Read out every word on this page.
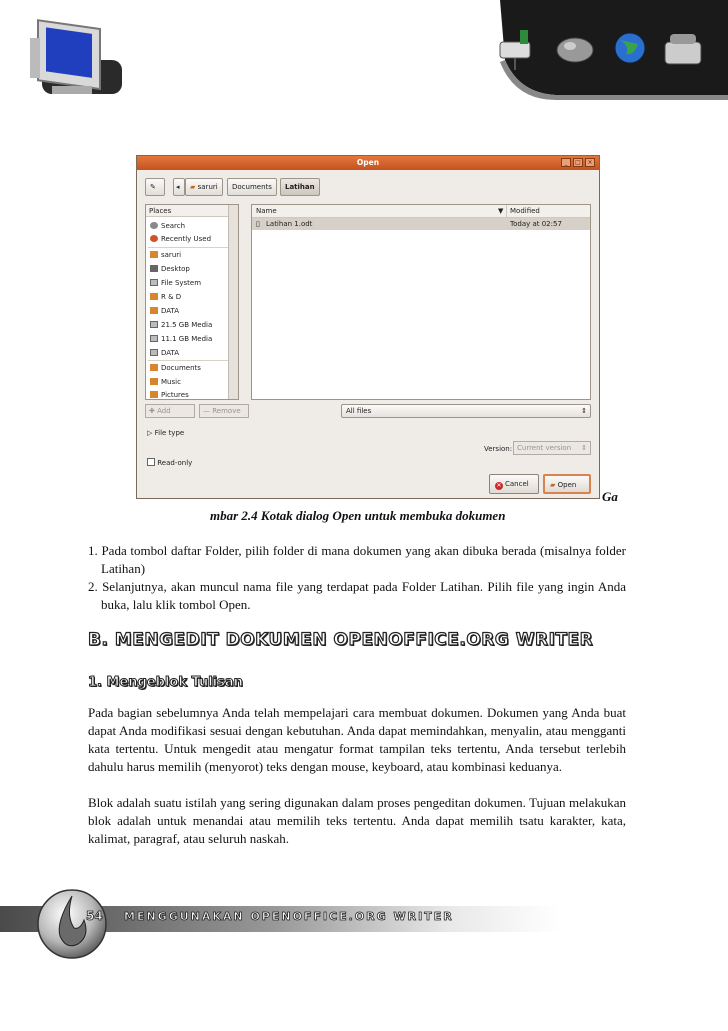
Open	_	□	×
✎	◂	▰ saruri	Documents	Latihan
Places
Search
Recently Used
saruri
Desktop
File System
R & D
DATA
21.5 GB Media
11.1 GB Media
DATA
Documents
Music
Pictures
Name	▼ Modified
▯ Latihan 1.odt	Today at 02:57
✚ Add	— Remove	All files	⇕
▷ File type
Version: Current version ⇕
Read-only
✕ Cancel	▰ Open
Ga
mbar 2.4 Kotak dialog Open untuk membuka dokumen
1. Pada tombol daftar Folder, pilih folder di mana dokumen yang akan dibuka berada (misalnya folder Latihan)
2. Selanjutnya, akan muncul nama file yang terdapat pada Folder Latihan. Pilih file yang ingin Anda buka, lalu klik tombol Open.
B. MENGEDIT DOKUMEN OPENOFFICE.ORG WRITER
1. Mengeblok Tulisan
Pada bagian sebelumnya Anda telah mempelajari cara membuat dokumen. Dokumen yang Anda buat dapat Anda modifikasi sesuai dengan kebutuhan. Anda dapat memindahkan, menyalin, atau mengganti kata tertentu. Untuk mengedit atau mengatur format tampilan teks tertentu, Anda tersebut terlebih dahulu harus memilih (menyorot) teks dengan mouse, keyboard, atau kombinasi keduanya.
Blok adalah suatu istilah yang sering digunakan dalam proses pengeditan dokumen. Tujuan melakukan blok adalah untuk menandai atau memilih teks tertentu. Anda dapat memilih tsatu karakter, kata, kalimat, paragraf, atau seluruh naskah.
54 MENGGUNAKAN OPENOFFICE.ORG WRITER
